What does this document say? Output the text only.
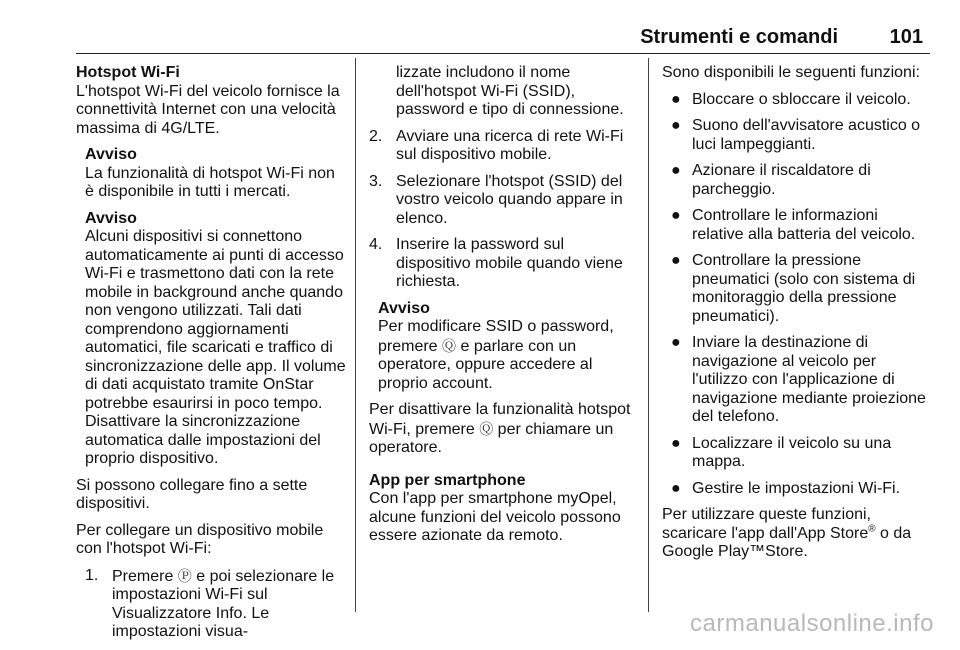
Strumenti e comandi	101
Hotspot Wi-Fi

L'hotspot Wi-Fi del veicolo fornisce la connettività Internet con una velocità massima di 4G/LTE.

Avviso
La funzionalità di hotspot Wi-Fi non è disponibile in tutti i mercati.
Avviso
Alcuni dispositivi si connettono automaticamente ai punti di accesso Wi-Fi e trasmettono dati con la rete mobile in background anche quando non vengono utilizzati. Tali dati comprendono aggiornamenti automatici, file scaricati e traffico di sincronizzazione delle app. Il volume di dati acquistato tramite OnStar potrebbe esaurirsi in poco tempo. Disattivare la sincronizzazione automatica dalle impostazioni del proprio dispositivo.

Si possono collegare fino a sette dispositivi.

Per collegare un dispositivo mobile con l'hotspot Wi-Fi:

1. Premere Ⓟ e poi selezionare le impostazioni Wi-Fi sul Visualizzatore Info. Le impostazioni visua-

lizzate includono il nome dell'hotspot Wi-Fi (SSID), password e tipo di connessione.

2. Avviare una ricerca di rete Wi-Fi sul dispositivo mobile.
3. Selezionare l'hotspot (SSID) del vostro veicolo quando appare in elenco.
4. Inserire la password sul dispositivo mobile quando viene richiesta.
Avviso
Per modificare SSID o password, premere Ⓠ e parlare con un operatore, oppure accedere al proprio account.

Per disattivare la funzionalità hotspot Wi-Fi, premere Ⓠ per chiamare un operatore.

App per smartphone

Con l'app per smartphone myOpel, alcune funzioni del veicolo possono essere azionate da remoto.

Sono disponibili le seguenti funzioni:

● Bloccare o sbloccare il veicolo.
● Suono dell'avvisatore acustico o luci lampeggianti.
● Azionare il riscaldatore di parcheggio.
● Controllare le informazioni relative alla batteria del veicolo.
● Controllare la pressione pneumatici (solo con sistema di monitoraggio della pressione pneumatici).
● Inviare la destinazione di navigazione al veicolo per l'utilizzo con l'applicazione di navigazione mediante proiezione del telefono.
● Localizzare il veicolo su una mappa.
● Gestire le impostazioni Wi-Fi.

Per utilizzare queste funzioni, scaricare l'app dall'App Store® o da Google Play™Store.

carmanualsonline.info
